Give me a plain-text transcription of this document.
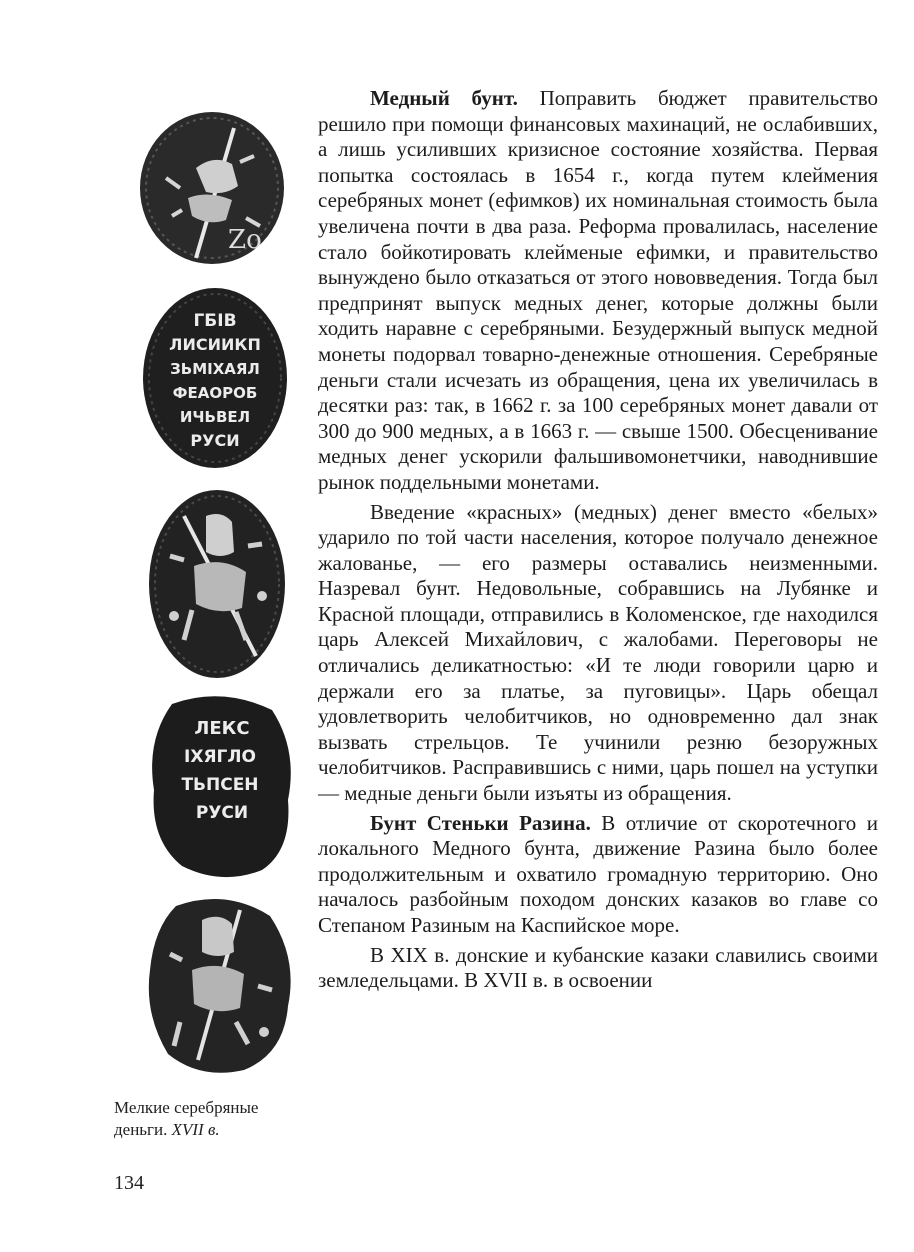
Zo
ГБІВ
ЛИСИИКП
ЗЬМІХАЯЛ
ФЕАОРОБ
ИЧЬВЕЛ
РУСИ
ЛЕКС
ІХЯГЛО
ТЬПСЕН
РУСИ
Мелкие серебряные
деньги. XVII в.
134

Медный бунт. Поправить бюджет правительство решило при помощи финансовых махинаций, не ослабивших, а лишь усиливших кризисное состояние хозяйства. Первая попытка состоялась в 1654 г., когда путем клеймения серебряных монет (ефимков) их номинальная стоимость была увеличена почти в два раза. Реформа провалилась, население стало бойкотировать клейменые ефимки, и правительство вынуждено было отказаться от этого нововведения. Тогда был предпринят выпуск медных денег, которые должны были ходить наравне с серебряными. Безудержный выпуск медной монеты подорвал товарно-денежные отношения. Серебряные деньги стали исчезать из обращения, цена их увеличилась в десятки раз: так, в 1662 г. за 100 серебряных монет давали от 300 до 900 медных, а в 1663 г. — свыше 1500. Обесценивание медных денег ускорили фальшивомонетчики, наводнившие рынок поддельными монетами.

Введение «красных» (медных) денег вместо «белых» ударило по той части населения, которое получало денежное жалованье, — его размеры оставались неизменными. Назревал бунт. Недовольные, собравшись на Лубянке и Красной площади, отправились в Коломенское, где находился царь Алексей Михайлович, с жалобами. Переговоры не отличались деликатностью: «И те люди говорили царю и держали его за платье, за пуговицы». Царь обещал удовлетворить челобитчиков, но одновременно дал знак вызвать стрельцов. Те учинили резню безоружных челобитчиков. Расправившись с ними, царь пошел на уступки — медные деньги были изъяты из обращения.

Бунт Стеньки Разина. В отличие от скоротечного и локального Медного бунта, движение Разина было более продолжительным и охватило громадную территорию. Оно началось разбойным походом донских казаков во главе со Степаном Разиным на Каспийское море.

В XIX в. донские и кубанские казаки славились своими земледельцами. В XVII в. в освоении
